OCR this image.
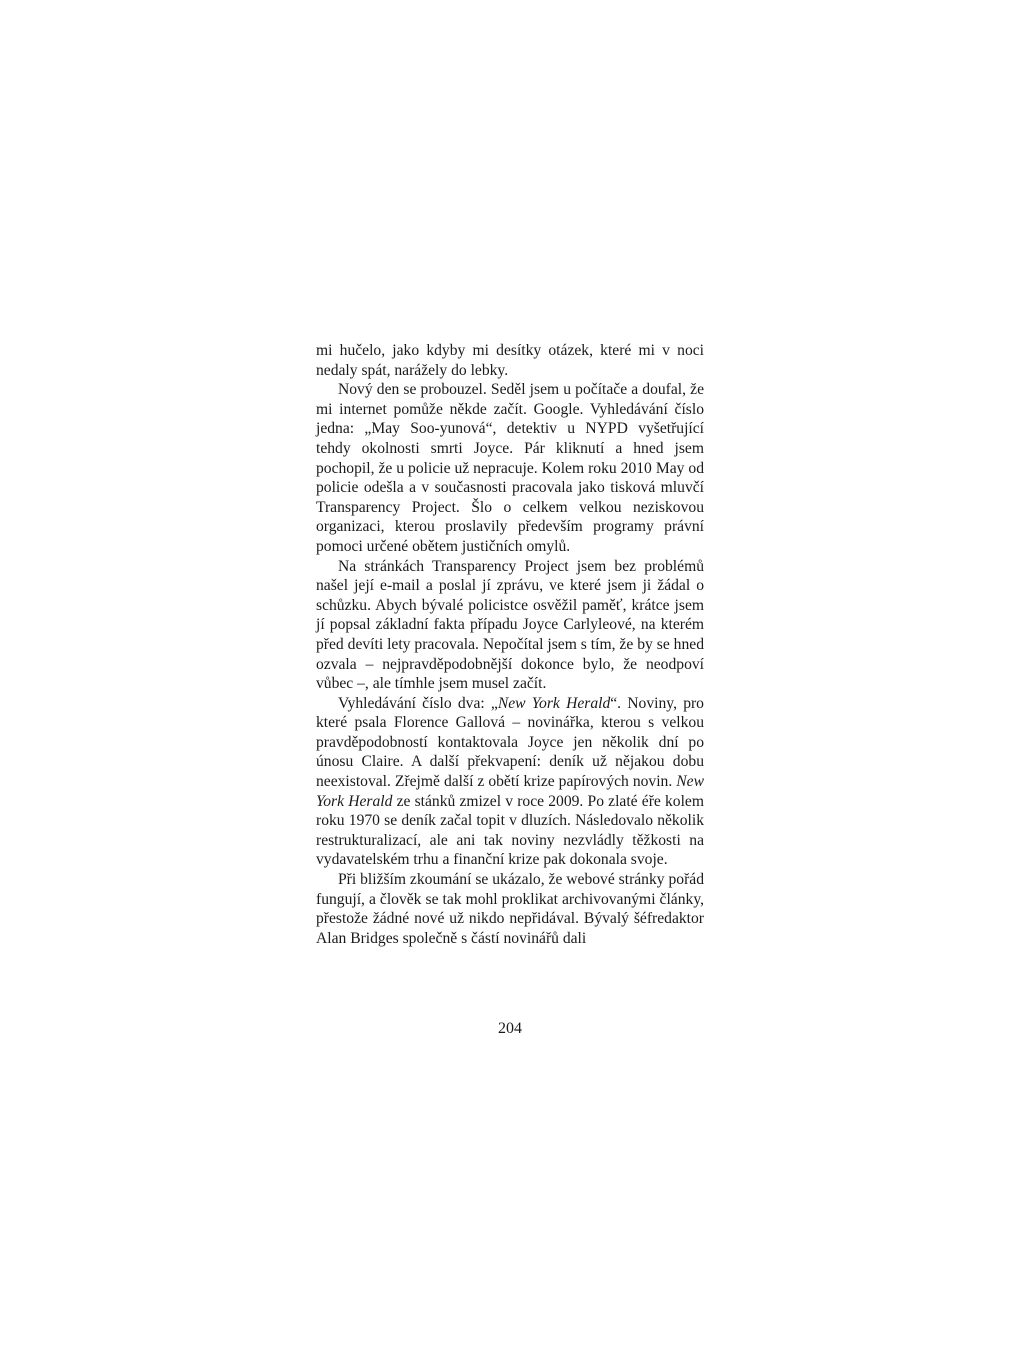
mi hučelo, jako kdyby mi desítky otázek, které mi v noci nedaly spát, narážely do lebky.

Nový den se probouzel. Seděl jsem u počítače a doufal, že mi internet pomůže někde začít. Google. Vyhledávání číslo jedna: „May Soo-yunová“, detektiv u NYPD vyšetřující tehdy okolnosti smrti Joyce. Pár kliknutí a hned jsem pochopil, že u policie už nepracuje. Kolem roku 2010 May od policie odešla a v současnosti pracovala jako tisková mluvčí Transparency Project. Šlo o celkem velkou neziskovou organizaci, kterou proslavily především programy právní pomoci určené obětem justičních omylů.

Na stránkách Transparency Project jsem bez problémů našel její e-mail a poslal jí zprávu, ve které jsem ji žádal o schůzku. Abych bývalé policistce osvěžil paměť, krátce jsem jí popsal základní fakta případu Joyce Carlyleové, na kterém před devíti lety pracovala. Nepočítal jsem s tím, že by se hned ozvala – nejpravděpodobnější dokonce bylo, že neodpoví vůbec –, ale tímhle jsem musel začít.

Vyhledávání číslo dva: „New York Herald“. Noviny, pro které psala Florence Gallová – novinářka, kterou s velkou pravděpodobností kontaktovala Joyce jen několik dní po únosu Claire. A další překvapení: deník už nějakou dobu neexistoval. Zřejmě další z obětí krize papírových novin. New York Herald ze stánků zmizel v roce 2009. Po zlaté éře kolem roku 1970 se deník začal topit v dluzích. Následovalo několik restrukturalizací, ale ani tak noviny nezvládly těžkosti na vydavatelském trhu a finanční krize pak dokonala svoje.

Při bližším zkoumání se ukázalo, že webové stránky pořád fungují, a člověk se tak mohl proklikat archivovanými články, přestože žádné nové už nikdo nepřidával. Bývalý šéfredaktor Alan Bridges společně s částí novinářů dali

204
